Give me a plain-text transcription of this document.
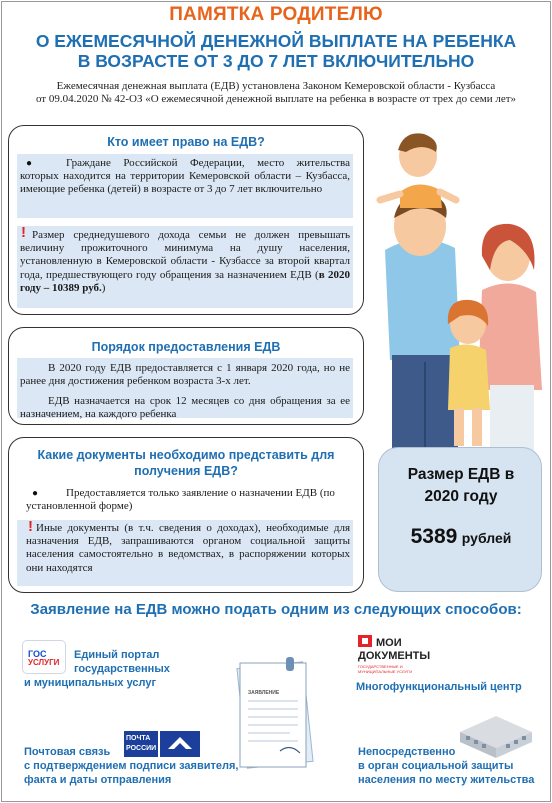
ПАМЯТКА РОДИТЕЛЮ
О ЕЖЕМЕСЯЧНОЙ ДЕНЕЖНОЙ ВЫПЛАТЕ НА РЕБЕНКА
В ВОЗРАСТЕ ОТ 3 ДО 7 ЛЕТ ВКЛЮЧИТЕЛЬНО
Ежемесячная денежная выплата (ЕДВ) установлена Законом Кемеровской области - Кузбасса
от 09.04.2020 № 42-ОЗ «О ежемесячной денежной выплате на ребенка в возрасте от трех до семи лет»
Кто имеет право на ЕДВ?
●	Граждане Российской Федерации, место жительства которых находится на территории Кемеровской области – Кузбасса, имеющие ребенка (детей) в возрасте от 3 до 7 лет включительно
! Размер среднедушевого дохода семьи не должен превышать величину прожиточного минимума на душу населения, установленную в Кемеровской области - Кузбассе за второй квартал года, предшествующего году обращения за назначением ЕДВ (в 2020 году – 10389 руб.)
Порядок предоставления ЕДВ
В 2020 году ЕДВ предоставляется с 1 января 2020 года, но не ранее дня достижения ребенком возраста 3-х лет.
ЕДВ назначается на срок 12 месяцев со дня обращения за ее назначением, на каждого ребенка
Какие документы необходимо представить для
получения ЕДВ?
●	Предоставляется только заявление о назначении ЕДВ (по установленной форме)
! Иные документы (в т.ч. сведения о доходах), необходимые для назначения ЕДВ, запрашиваются органом социальной защиты населения самостоятельно в ведомствах, в распоряжении которых они находятся
Размер ЕДВ в
2020 году
5389 рублей
Заявление на ЕДВ можно подать одним из следующих способов:
ГОС
УСЛУГИ
Единый портал
государственных
и муниципальных услуг
ЗАЯВЛЕНИЕ
МОИ
ДОКУМЕНТЫ
ГОСУДАРСТВЕННЫЕ И МУНИЦИПАЛЬНЫЕ УСЛУГИ
Многофункциональный центр
ПОЧТА
РОССИИ
Почтовая связь
с подтверждением подписи заявителя,
факта и даты отправления
Непосредственно
в орган социальной защиты
населения по месту жительства
